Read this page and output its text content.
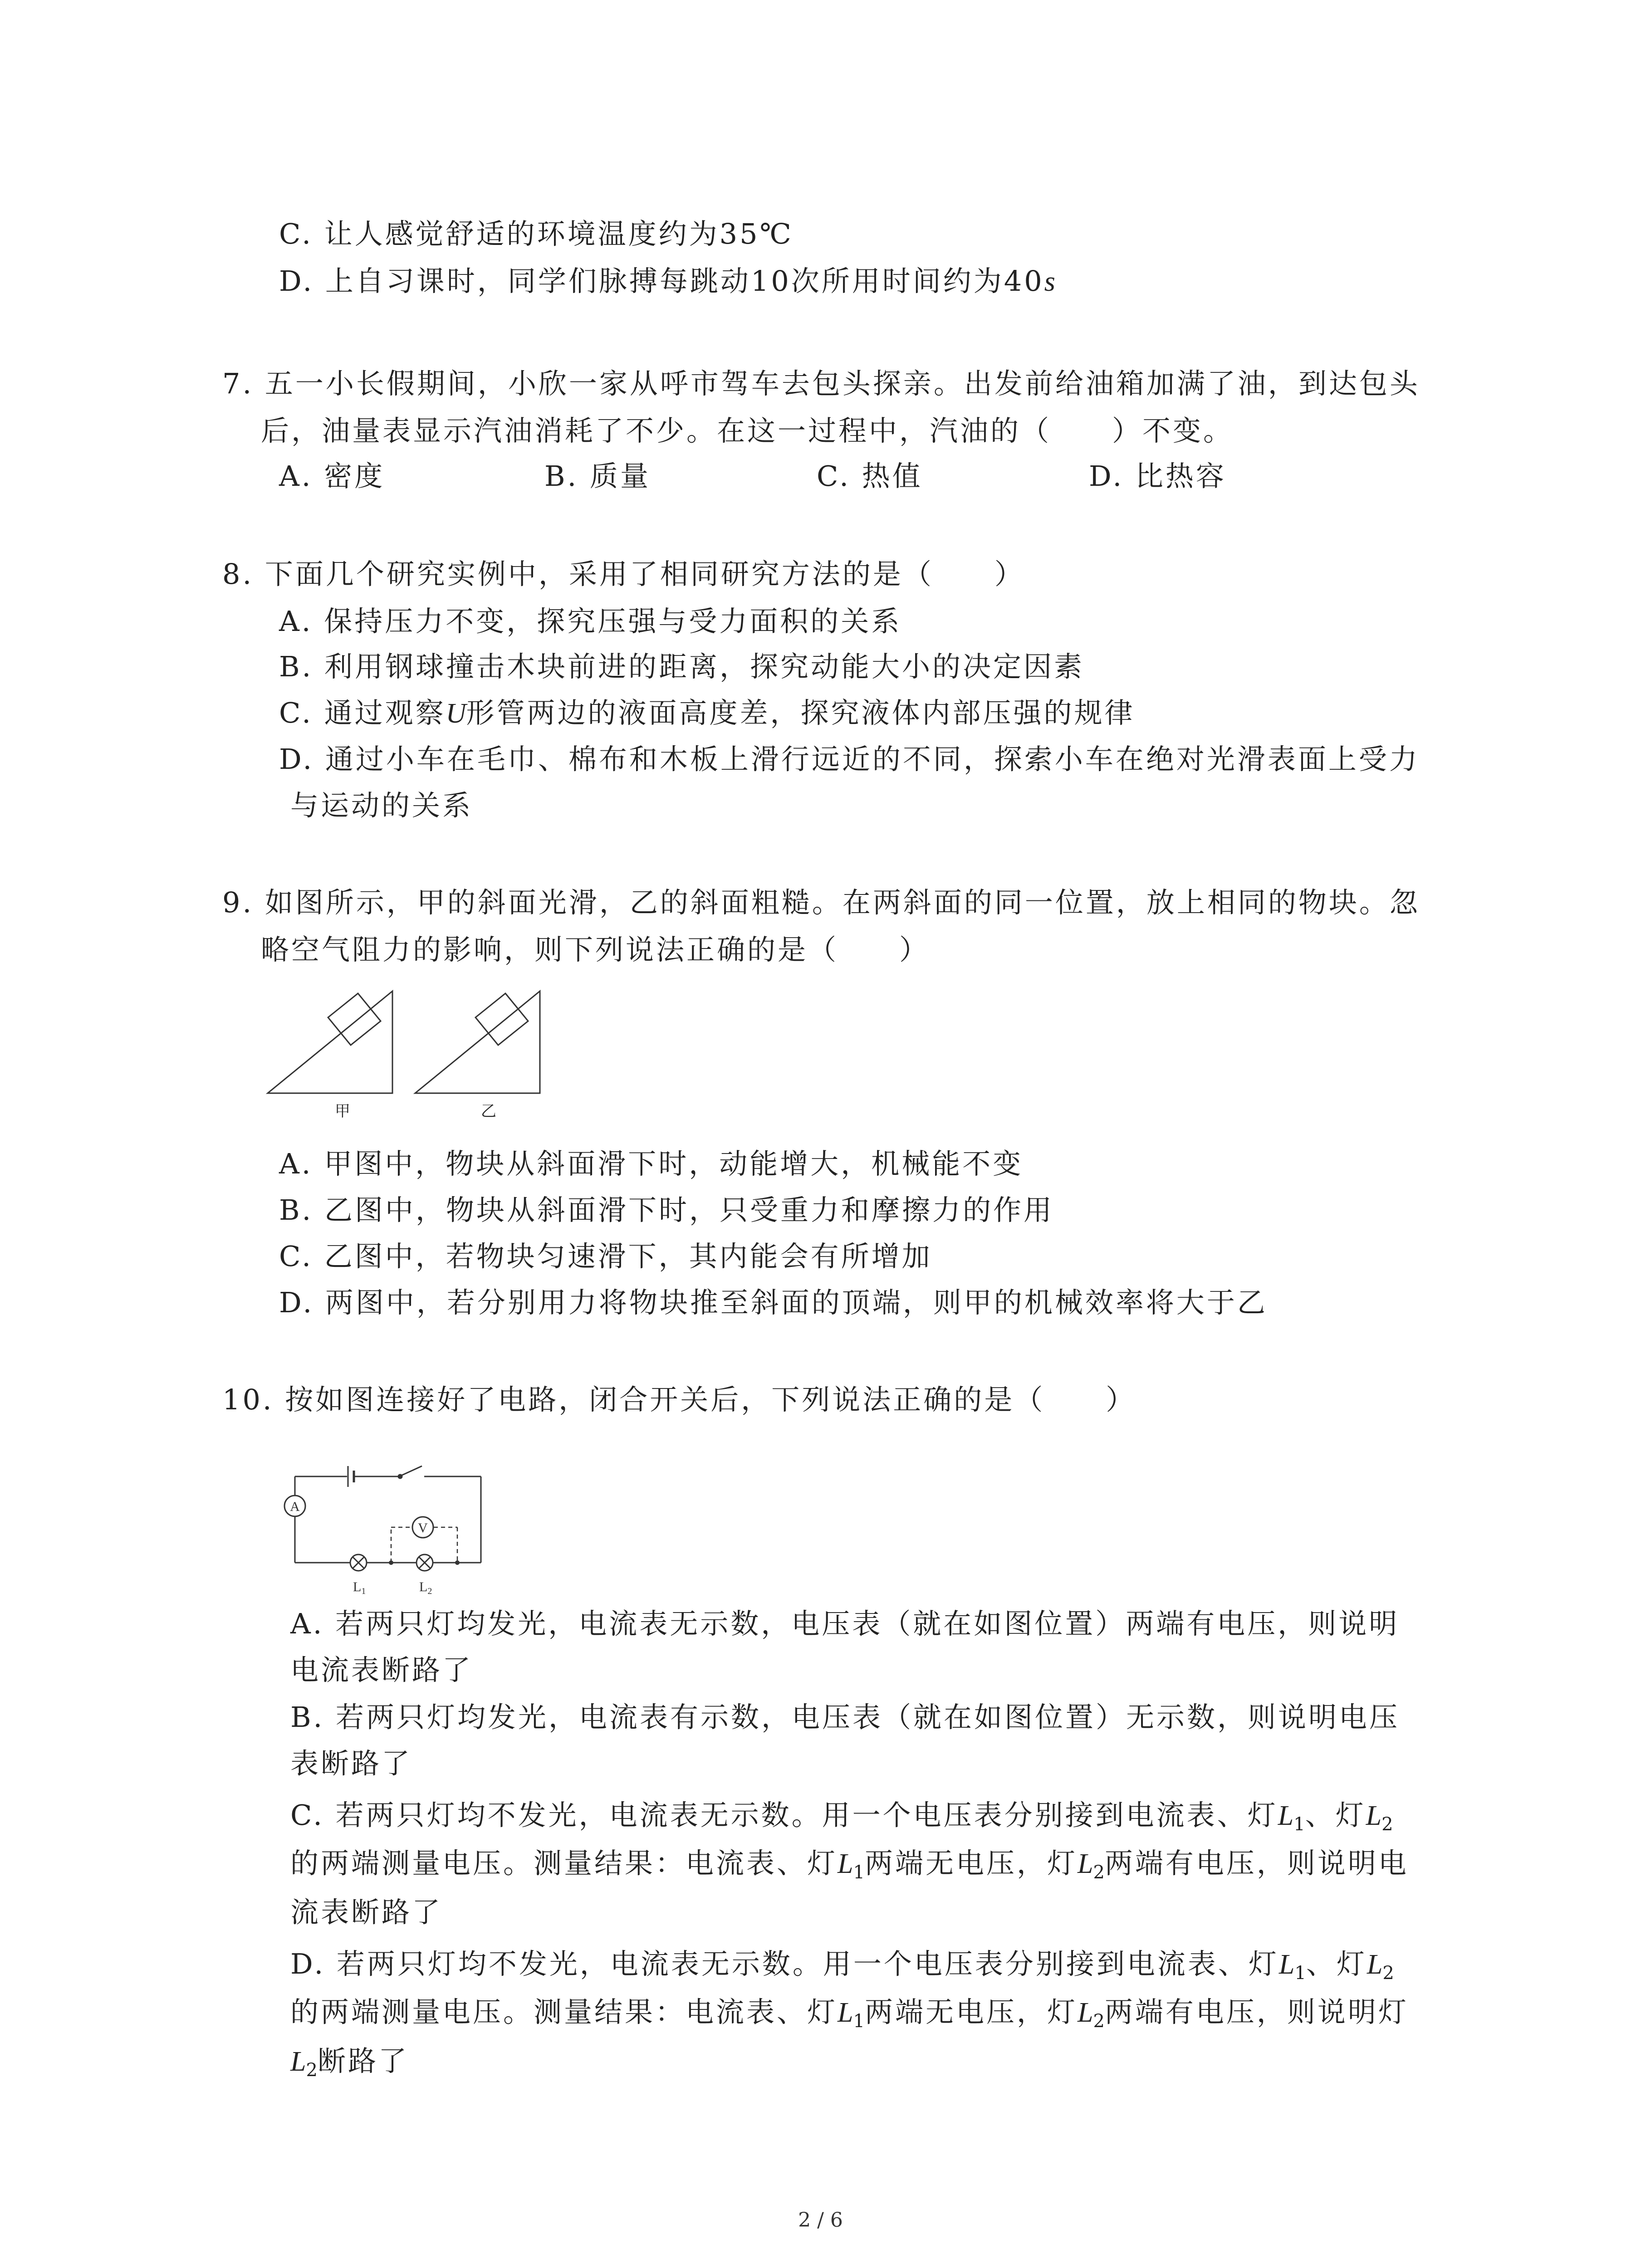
C. 让人感觉舒适的环境温度约为35℃
D. 上自习课时，同学们脉搏每跳动10次所用时间约为40s
7. 五一小长假期间，小欣一家从呼市驾车去包头探亲。出发前给油箱加满了油，到达包头
后，油量表显示汽油消耗了不少。在这一过程中，汽油的（　　）不变。
A. 密度	B. 质量	C. 热值	D. 比热容
8. 下面几个研究实例中，采用了相同研究方法的是（　　）
A. 保持压力不变，探究压强与受力面积的关系
B. 利用钢球撞击木块前进的距离，探究动能大小的决定因素
C. 通过观察U形管两边的液面高度差，探究液体内部压强的规律
D. 通过小车在毛巾、棉布和木板上滑行远近的不同，探索小车在绝对光滑表面上受力
与运动的关系
9. 如图所示，甲的斜面光滑，乙的斜面粗糙。在两斜面的同一位置，放上相同的物块。忽
略空气阻力的影响，则下列说法正确的是（　　）
甲	乙
A. 甲图中，物块从斜面滑下时，动能增大，机械能不变
B. 乙图中，物块从斜面滑下时，只受重力和摩擦力的作用
C. 乙图中，若物块匀速滑下，其内能会有所增加
D. 两图中，若分别用力将物块推至斜面的顶端，则甲的机械效率将大于乙
10. 按如图连接好了电路，闭合开关后，下列说法正确的是（　　）
A
V
$L_1$	$L_2$
A. 若两只灯均发光，电流表无示数，电压表（就在如图位置）两端有电压，则说明
电流表断路了
B. 若两只灯均发光，电流表有示数，电压表（就在如图位置）无示数，则说明电压
表断路了
C. 若两只灯均不发光，电流表无示数。用一个电压表分别接到电流表、灯$L_1$、灯$L_2$
的两端测量电压。测量结果：电流表、灯$L_1$两端无电压，灯$L_2$两端有电压，则说明电
流表断路了
D. 若两只灯均不发光，电流表无示数。用一个电压表分别接到电流表、灯$L_1$、灯$L_2$
的两端测量电压。测量结果：电流表、灯$L_1$两端无电压，灯$L_2$两端有电压，则说明灯
$L_2$断路了
2 / 6
